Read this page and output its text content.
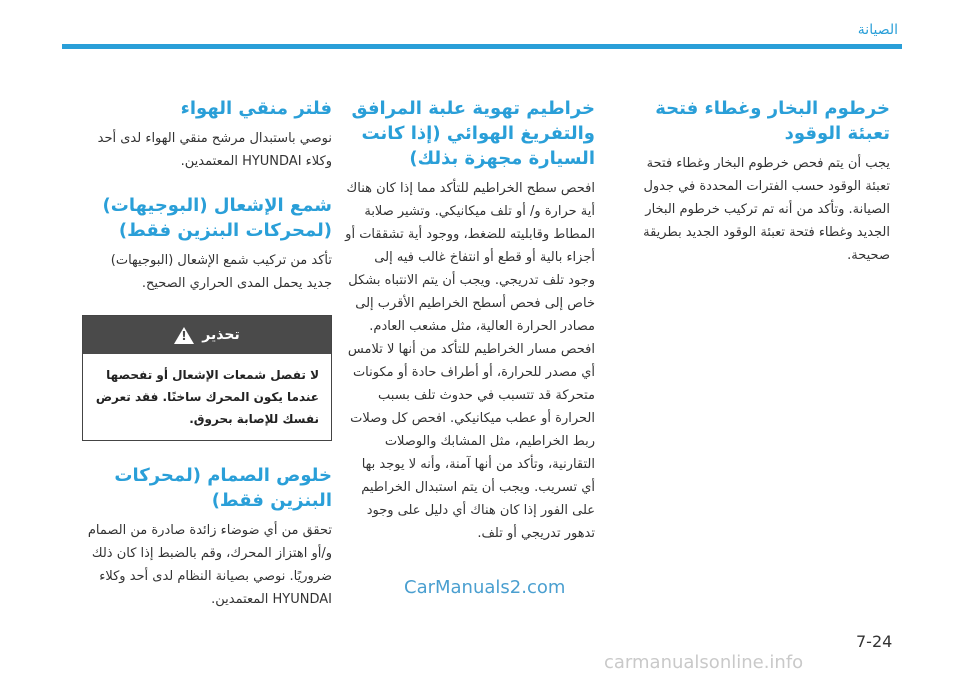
الصيانة
خرطوم البخار وغطاء فتحة تعبئة الوقود
يجب أن يتم فحص خرطوم البخار وغطاء فتحة تعبئة الوقود حسب الفترات المحددة في جدول الصيانة. وتأكد من أنه تم تركيب خرطوم البخار الجديد وغطاء فتحة تعبئة الوقود الجديد بطريقة صحيحة.
خراطيم تهوية علبة المرافق والتفريغ الهوائي (إذا كانت السيارة مجهزة بذلك)
افحص سطح الخراطيم للتأكد مما إذا كان هناك أية حرارة و/ أو تلف ميكانيكي. وتشير صلابة المطاط وقابليته للضغط، ووجود أية تشققات أو أجزاء بالية أو قطع أو انتفاخ غالب فيه إلى وجود تلف تدريجي. ويجب أن يتم الانتباه بشكل خاص إلى فحص أسطح الخراطيم الأقرب إلى مصادر الحرارة العالية، مثل مشعب العادم. افحص مسار الخراطيم للتأكد من أنها لا تلامس أي مصدر للحرارة، أو أطراف حادة أو مكونات متحركة قد تتسبب في حدوث تلف بسبب الحرارة أو عطب ميكانيكي. افحص كل وصلات ربط الخراطيم، مثل المشابك والوصلات التقارنية، وتأكد من أنها آمنة، وأنه لا يوجد بها أي تسريب. ويجب أن يتم استبدال الخراطيم على الفور إذا كان هناك أي دليل على وجود تدهور تدريجي أو تلف.
فلتر منقي الهواء
نوصي باستبدال مرشح منقي الهواء لدى أحد وكلاء HYUNDAI المعتمدين.
شمع الإشعال (البوجيهات) (لمحركات البنزين فقط)
تأكد من تركيب شمع الإشعال (البوجيهات) جديد يحمل المدى الحراري الصحيح.
تحذير
!
لا تفصل شمعات الإشعال أو تفحصها عندما يكون المحرك ساخنًا. فقد تعرض نفسك للإصابة بحروق.
خلوص الصمام (لمحركات البنزين فقط)
تحقق من أي ضوضاء زائدة صادرة من الصمام و/أو اهتزاز المحرك، وقم بالضبط إذا كان ذلك ضروريًا. نوصي بصيانة النظام لدى أحد وكلاء HYUNDAI المعتمدين.
CarManuals2.com
7-24
carmanualsonline.info
